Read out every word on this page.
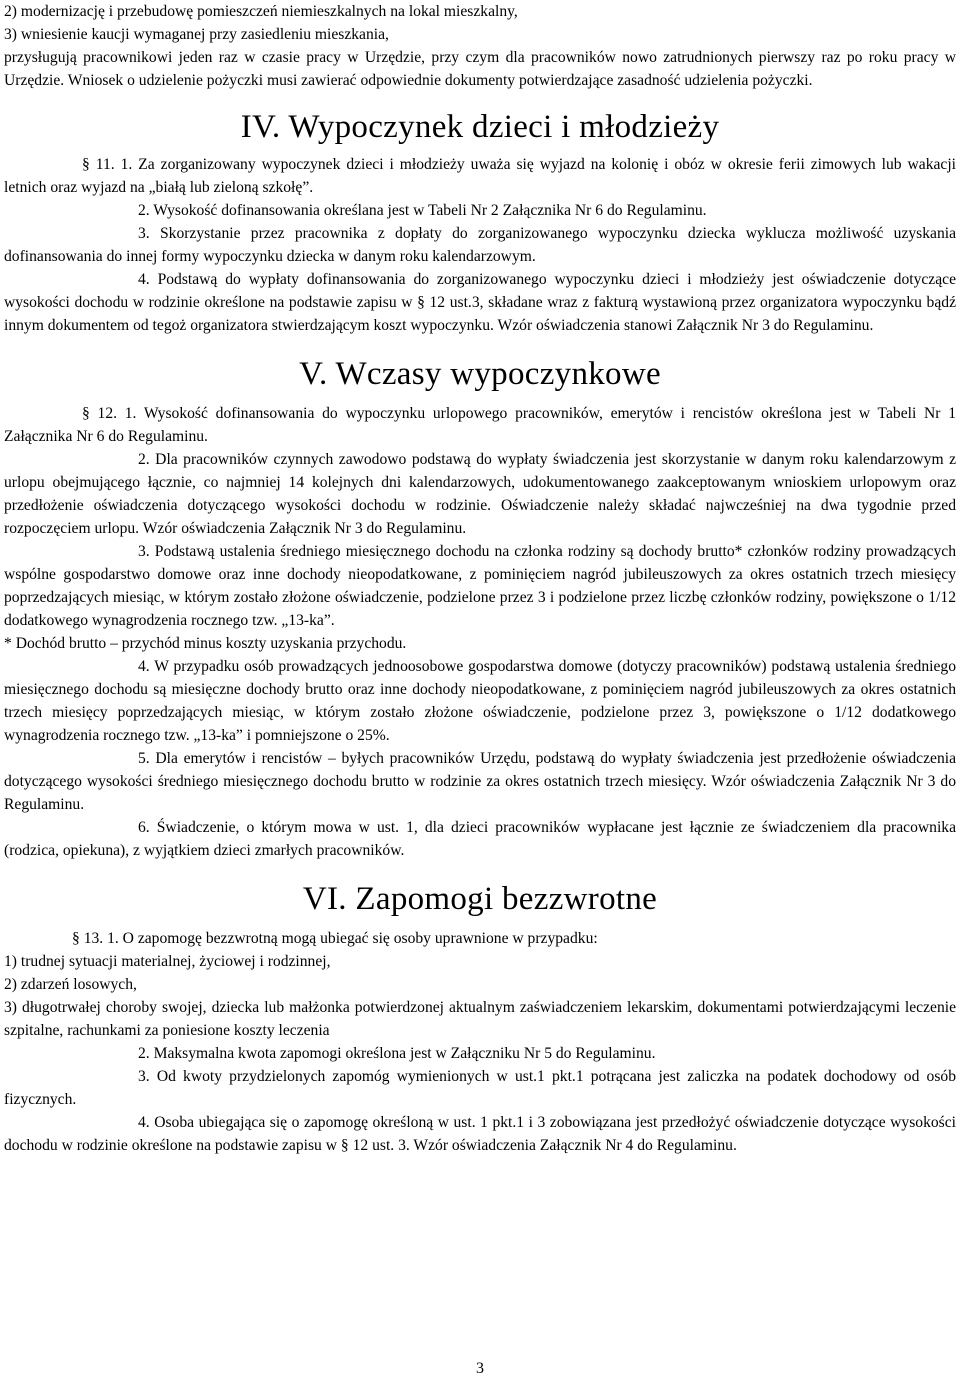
2) modernizację i przebudowę pomieszczeń niemieszkalnych na lokal mieszkalny,

3) wniesienie kaucji wymaganej przy zasiedleniu mieszkania,

przysługują pracownikowi jeden raz w czasie pracy w Urzędzie, przy czym dla pracowników nowo zatrudnionych pierwszy raz po roku pracy w Urzędzie. Wniosek o udzielenie pożyczki musi zawierać odpowiednie dokumenty potwierdzające zasadność udzielenia pożyczki.

IV. Wypoczynek dzieci i młodzieży

§ 11. 1. Za zorganizowany wypoczynek dzieci i młodzieży uważa się wyjazd na kolonię i obóz w okresie ferii zimowych lub wakacji letnich oraz wyjazd na „białą lub zieloną szkołę”.

2. Wysokość dofinansowania określana jest w Tabeli Nr 2 Załącznika Nr 6 do Regulaminu.

3. Skorzystanie przez pracownika z dopłaty do zorganizowanego wypoczynku dziecka wyklucza możliwość uzyskania dofinansowania do innej formy wypoczynku dziecka w danym roku kalendarzowym.

4. Podstawą do wypłaty dofinansowania do zorganizowanego wypoczynku dzieci i młodzieży jest oświadczenie dotyczące wysokości dochodu w rodzinie określone na podstawie zapisu w § 12 ust.3, składane wraz z fakturą wystawioną przez organizatora wypoczynku bądź innym dokumentem od tegoż organizatora stwierdzającym koszt wypoczynku. Wzór oświadczenia stanowi Załącznik Nr 3 do Regulaminu.

V. Wczasy wypoczynkowe

§ 12. 1. Wysokość dofinansowania do wypoczynku urlopowego pracowników, emerytów i rencistów określona jest w Tabeli Nr 1 Załącznika Nr 6 do Regulaminu.

2. Dla pracowników czynnych zawodowo podstawą do wypłaty świadczenia jest skorzystanie w danym roku kalendarzowym z urlopu obejmującego łącznie, co najmniej 14 kolejnych dni kalendarzowych, udokumentowanego zaakceptowanym wnioskiem urlopowym oraz przedłożenie oświadczenia dotyczącego wysokości dochodu w rodzinie. Oświadczenie należy składać najwcześniej na dwa tygodnie przed rozpoczęciem urlopu. Wzór oświadczenia Załącznik Nr 3 do Regulaminu.

3. Podstawą ustalenia średniego miesięcznego dochodu na członka rodziny są dochody brutto* członków rodziny prowadzących wspólne gospodarstwo domowe oraz inne dochody nieopodatkowane, z pominięciem nagród jubileuszowych za okres ostatnich trzech miesięcy poprzedzających miesiąc, w którym zostało złożone oświadczenie, podzielone przez 3 i podzielone przez liczbę członków rodziny, powiększone o 1/12 dodatkowego wynagrodzenia rocznego tzw. „13-ka”.

* Dochód brutto – przychód minus koszty uzyskania przychodu.

4. W przypadku osób prowadzących jednoosobowe gospodarstwa domowe (dotyczy pracowników) podstawą ustalenia średniego miesięcznego dochodu są miesięczne dochody brutto oraz inne dochody nieopodatkowane, z pominięciem nagród jubileuszowych za okres ostatnich trzech miesięcy poprzedzających miesiąc, w którym zostało złożone oświadczenie, podzielone przez 3, powiększone o 1/12 dodatkowego wynagrodzenia rocznego tzw. „13-ka” i pomniejszone o 25%.

5. Dla emerytów i rencistów – byłych pracowników Urzędu, podstawą do wypłaty świadczenia jest przedłożenie oświadczenia dotyczącego wysokości średniego miesięcznego dochodu brutto w rodzinie za okres ostatnich trzech miesięcy. Wzór oświadczenia Załącznik Nr 3 do Regulaminu.

6. Świadczenie, o którym mowa w ust. 1, dla dzieci pracowników wypłacane jest łącznie ze świadczeniem dla pracownika (rodzica, opiekuna), z wyjątkiem dzieci zmarłych pracowników.

VI. Zapomogi bezzwrotne

§ 13. 1. O zapomogę bezzwrotną mogą ubiegać się osoby uprawnione w przypadku:

1) trudnej sytuacji materialnej, życiowej i rodzinnej,

2) zdarzeń losowych,

3) długotrwałej choroby swojej, dziecka lub małżonka potwierdzonej aktualnym zaświadczeniem lekarskim, dokumentami potwierdzającymi leczenie szpitalne, rachunkami za poniesione koszty leczenia

2. Maksymalna kwota zapomogi określona jest w Załączniku Nr 5 do Regulaminu.

3. Od kwoty przydzielonych zapomóg wymienionych w ust.1 pkt.1 potrącana jest zaliczka na podatek dochodowy od osób fizycznych.

4. Osoba ubiegająca się o zapomogę określoną w ust. 1 pkt.1 i 3 zobowiązana jest przedłożyć oświadczenie dotyczące wysokości dochodu w rodzinie określone na podstawie zapisu w § 12 ust. 3. Wzór oświadczenia Załącznik Nr 4 do Regulaminu.

3
